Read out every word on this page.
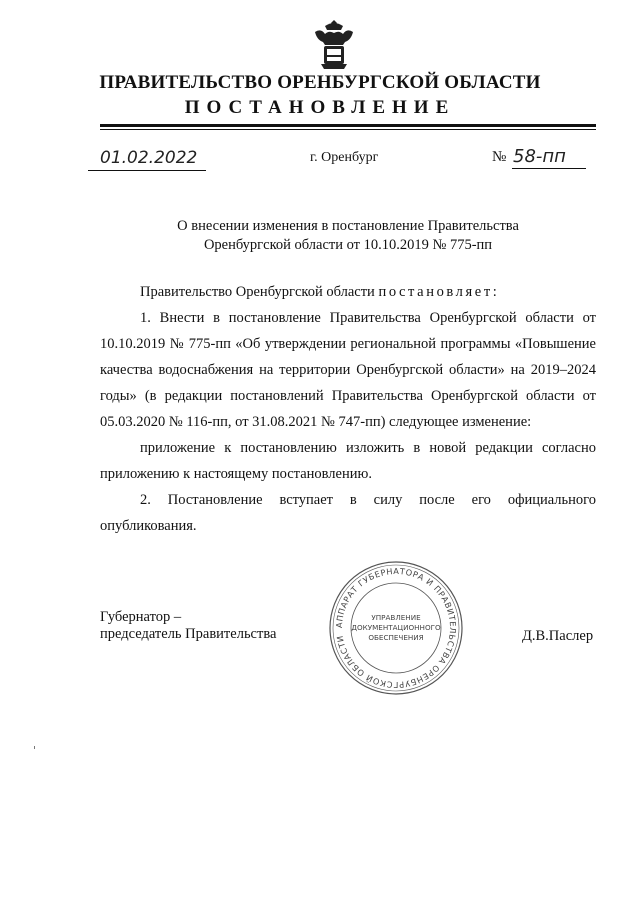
ПРАВИТЕЛЬСТВО ОРЕНБУРГСКОЙ ОБЛАСТИ
ПОСТАНОВЛЕНИЕ
01.02.2022	г. Оренбург	№ 58-пп
О внесении изменения в постановление Правительства
Оренбургской области от 10.10.2019 № 775-пп

Правительство Оренбургской области постановляет:

1. Внести в постановление Правительства Оренбургской области от 10.10.2019 № 775-пп «Об утверждении региональной программы «Повышение качества водоснабжения на территории Оренбургской области» на 2019–2024 годы» (в редакции постановлений Правительства Оренбургской области от 05.03.2020 № 116-пп, от 31.08.2021 № 747-пп) следующее изменение:

приложение к постановлению изложить в новой редакции согласно приложению к настоящему постановлению.

2. Постановление вступает в силу после его официального опубликования.

Губернатор –
председатель Правительства	Д.В.Паслер
АППАРАТ ГУБЕРНАТОРА И ПРАВИТЕЛЬСТВА ОРЕНБУРГСКОЙ ОБЛАСТИ
УПРАВЛЕНИЕ
ДОКУМЕНТАЦИОННОГО
ОБЕСПЕЧЕНИЯ
